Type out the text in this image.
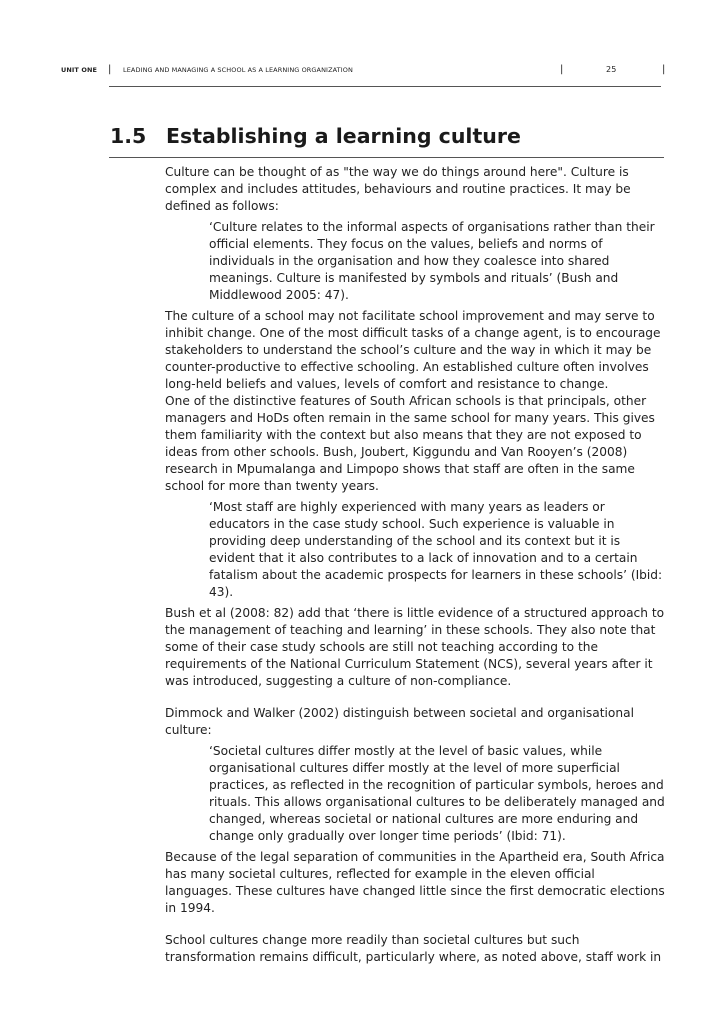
UNIT ONE | LEADING AND MANAGING A SCHOOL AS A LEARNING ORGANIZATION	|	25	|
1.5 Establishing a learning culture

Culture can be thought of as "the way we do things around here". Culture is complex and includes attitudes, behaviours and routine practices. It may be defined as follows:

‘Culture relates to the informal aspects of organisations rather than their official elements. They focus on the values, beliefs and norms of individuals in the organisation and how they coalesce into shared meanings. Culture is manifested by symbols and rituals’ (Bush and Middlewood 2005: 47).

The culture of a school may not facilitate school improvement and may serve to inhibit change. One of the most difficult tasks of a change agent, is to encourage stakeholders to understand the school’s culture and the way in which it may be counter-productive to effective schooling. An established culture often involves long-held beliefs and values, levels of comfort and resistance to change.

One of the distinctive features of South African schools is that principals, other managers and HoDs often remain in the same school for many years. This gives them familiarity with the context but also means that they are not exposed to ideas from other schools. Bush, Joubert, Kiggundu and Van Rooyen’s (2008) research in Mpumalanga and Limpopo shows that staff are often in the same school for more than twenty years.

‘Most staff are highly experienced with many years as leaders or educators in the case study school. Such experience is valuable in providing deep understanding of the school and its context but it is evident that it also contributes to a lack of innovation and to a certain fatalism about the academic prospects for learners in these schools’ (Ibid: 43).

Bush et al (2008: 82) add that ‘there is little evidence of a structured approach to the management of teaching and learning’ in these schools. They also note that some of their case study schools are still not teaching according to the requirements of the National Curriculum Statement (NCS), several years after it was introduced, suggesting a culture of non-compliance.

Dimmock and Walker (2002) distinguish between societal and organisational culture:

‘Societal cultures differ mostly at the level of basic values, while organisational cultures differ mostly at the level of more superficial practices, as reflected in the recognition of particular symbols, heroes and rituals. This allows organisational cultures to be deliberately managed and changed, whereas societal or national cultures are more enduring and change only gradually over longer time periods’ (Ibid: 71).

Because of the legal separation of communities in the Apartheid era, South Africa has many societal cultures, reflected for example in the eleven official languages. These cultures have changed little since the first democratic elections in 1994.

School cultures change more readily than societal cultures but such transformation remains difficult, particularly where, as noted above, staff work in
